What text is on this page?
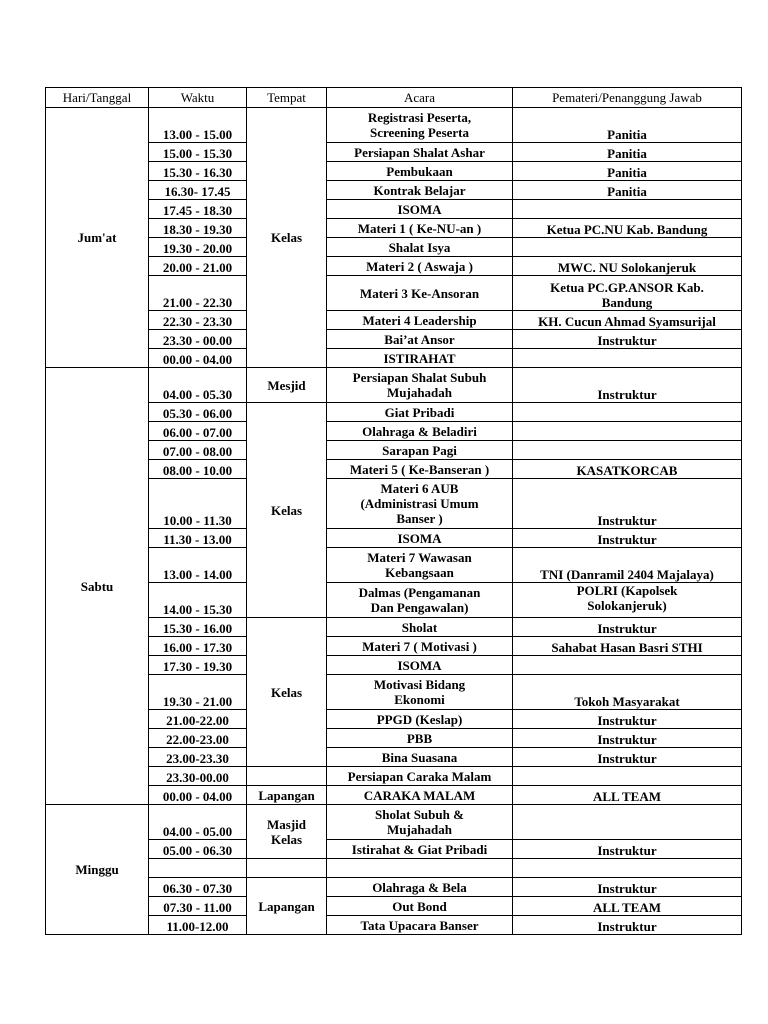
Hari/Tanggal	Waktu	Tempat	Acara	Pemateri/Penanggung Jawab
Jum'at	13.00 - 15.00	Kelas	Registrasi Peserta,
Screening Peserta	Panitia
	15.00 - 15.30		Persiapan Shalat Ashar	Panitia
	15.30 - 16.30		Pembukaan	Panitia
	16.30- 17.45		Kontrak Belajar	Panitia
	17.45 - 18.30		ISOMA	
	18.30 - 19.30		Materi 1 ( Ke-NU-an )	Ketua PC.NU Kab. Bandung
	19.30 - 20.00		Shalat Isya	
	20.00 - 21.00		Materi 2 ( Aswaja )	MWC. NU Solokanjeruk
	21.00 - 22.30		Materi 3 Ke-Ansoran	Ketua PC.GP.ANSOR Kab.
Bandung
	22.30 - 23.30		Materi 4 Leadership	KH. Cucun Ahmad Syamsurijal
	23.30 - 00.00		Bai’at Ansor	Instruktur
	00.00 - 04.00		ISTIRAHAT	
Sabtu	04.00 - 05.30	Mesjid	Persiapan Shalat Subuh
Mujahadah	Instruktur
	05.30 - 06.00	Kelas	Giat Pribadi	
	06.00 - 07.00		Olahraga & Beladiri	
	07.00 - 08.00		Sarapan Pagi	
	08.00 - 10.00		Materi 5 ( Ke-Banseran )	KASATKORCAB
	10.00 - 11.30		Materi 6 AUB
(Administrasi Umum
Banser )	Instruktur
	11.30 - 13.00		ISOMA	Instruktur
	13.00 - 14.00		Materi 7 Wawasan
Kebangsaan	TNI (Danramil 2404 Majalaya)
	14.00 - 15.30		Dalmas (Pengamanan
Dan Pengawalan)	POLRI (Kapolsek
Solokanjeruk)
	15.30 - 16.00	Kelas	Sholat	Instruktur
	16.00 - 17.30		Materi 7 ( Motivasi )	Sahabat Hasan Basri STHI
	17.30 - 19.30		ISOMA	
	19.30 - 21.00		Motivasi Bidang
Ekonomi	Tokoh Masyarakat
	21.00-22.00		PPGD (Keslap)	Instruktur
	22.00-23.00		PBB	Instruktur
	23.00-23.30		Bina Suasana	Instruktur
	23.30-00.00		Persiapan Caraka Malam	
	00.00 - 04.00	Lapangan	CARAKA MALAM	ALL TEAM
Minggu	04.00 - 05.00	Masjid
Kelas	Sholat Subuh &
Mujahadah	
	05.00 - 06.30		Istirahat & Giat Pribadi	Instruktur

	06.30 - 07.30	Lapangan	Olahraga & Bela	Instruktur
	07.30 - 11.00		Out Bond	ALL TEAM
	11.00-12.00		Tata Upacara Banser	Instruktur
